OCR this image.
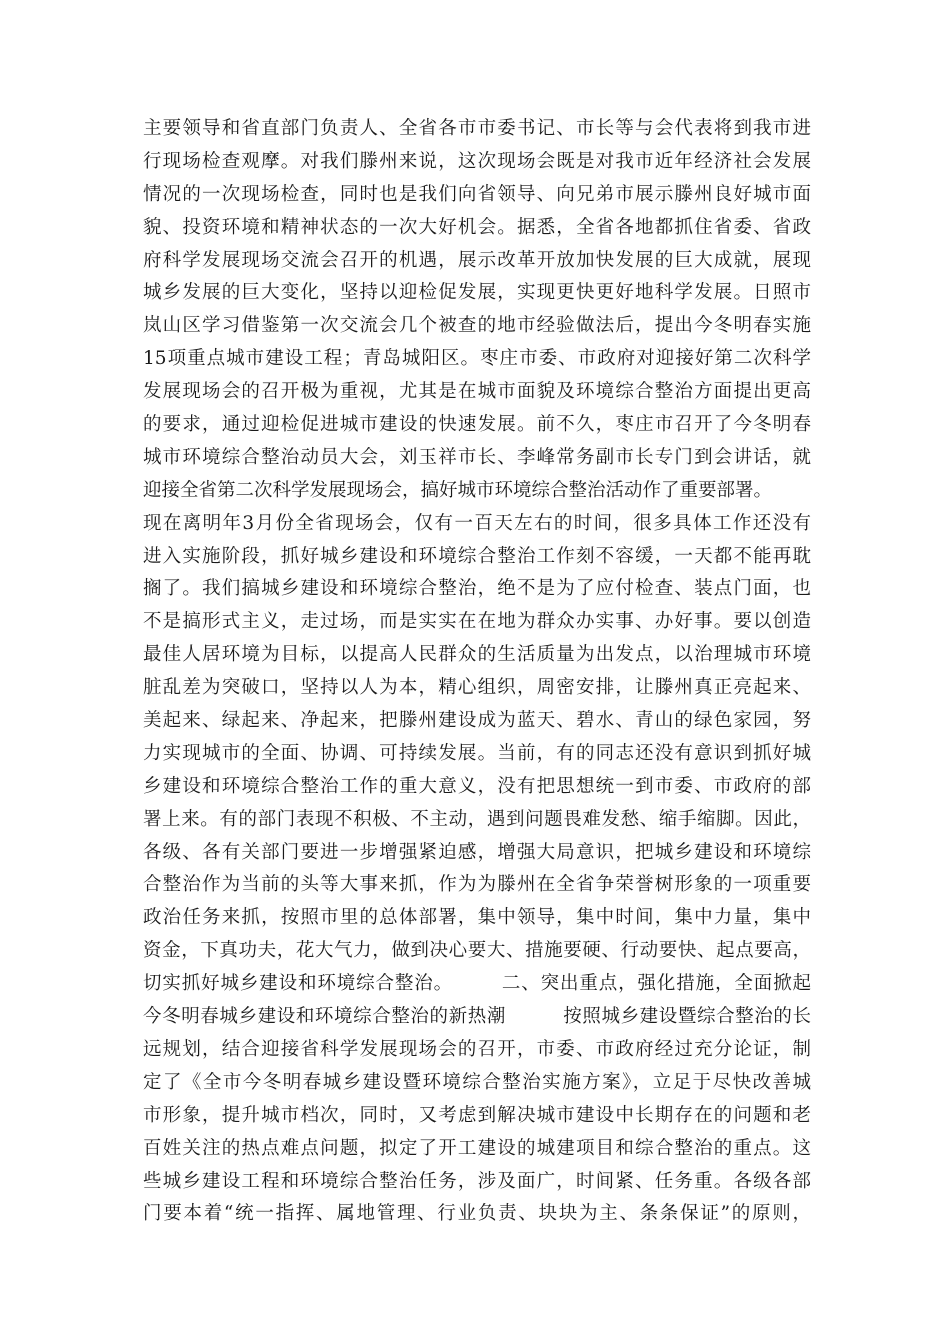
主要领导和省直部门负责人、全省各市市委书记、市长等与会代表将到我市进
行现场检查观摩。对我们滕州来说，这次现场会既是对我市近年经济社会发展
情况的一次现场检查，同时也是我们向省领导、向兄弟市展示滕州良好城市面
貌、投资环境和精神状态的一次大好机会。据悉，全省各地都抓住省委、省政
府科学发展现场交流会召开的机遇，展示改革开放加快发展的巨大成就，展现
城乡发展的巨大变化，坚持以迎检促发展，实现更快更好地科学发展。日照市
岚山区学习借鉴第一次交流会几个被查的地市经验做法后，提出今冬明春实施
15项重点城市建设工程；青岛城阳区。枣庄市委、市政府对迎接好第二次科学
发展现场会的召开极为重视，尤其是在城市面貌及环境综合整治方面提出更高
的要求，通过迎检促进城市建设的快速发展。前不久，枣庄市召开了今冬明春
城市环境综合整治动员大会，刘玉祥市长、李峰常务副市长专门到会讲话，就
迎接全省第二次科学发展现场会，搞好城市环境综合整治活动作了重要部署。
现在离明年3月份全省现场会，仅有一百天左右的时间，很多具体工作还没有
进入实施阶段，抓好城乡建设和环境综合整治工作刻不容缓，一天都不能再耽
搁了。我们搞城乡建设和环境综合整治，绝不是为了应付检查、装点门面，也
不是搞形式主义，走过场，而是实实在在地为群众办实事、办好事。要以创造
最佳人居环境为目标，以提高人民群众的生活质量为出发点，以治理城市环境
脏乱差为突破口，坚持以人为本，精心组织，周密安排，让滕州真正亮起来、
美起来、绿起来、净起来，把滕州建设成为蓝天、碧水、青山的绿色家园，努
力实现城市的全面、协调、可持续发展。当前，有的同志还没有意识到抓好城
乡建设和环境综合整治工作的重大意义，没有把思想统一到市委、市政府的部
署上来。有的部门表现不积极、不主动，遇到问题畏难发愁、缩手缩脚。因此，
各级、各有关部门要进一步增强紧迫感，增强大局意识，把城乡建设和环境综
合整治作为当前的头等大事来抓，作为为滕州在全省争荣誉树形象的一项重要
政治任务来抓，按照市里的总体部署，集中领导，集中时间，集中力量，集中
资金，下真功夫，花大气力，做到决心要大、措施要硬、行动要快、起点要高，
切实抓好城乡建设和环境综合整治。　　　二、突出重点，强化措施，全面掀起
今冬明春城乡建设和环境综合整治的新热潮　　　按照城乡建设暨综合整治的长
远规划，结合迎接省科学发展现场会的召开，市委、市政府经过充分论证，制
定了《全市今冬明春城乡建设暨环境综合整治实施方案》，立足于尽快改善城
市形象，提升城市档次，同时，又考虑到解决城市建设中长期存在的问题和老
百姓关注的热点难点问题，拟定了开工建设的城建项目和综合整治的重点。这
些城乡建设工程和环境综合整治任务，涉及面广，时间紧、任务重。各级各部
门要本着“统一指挥、属地管理、行业负责、块块为主、条条保证”的原则，
